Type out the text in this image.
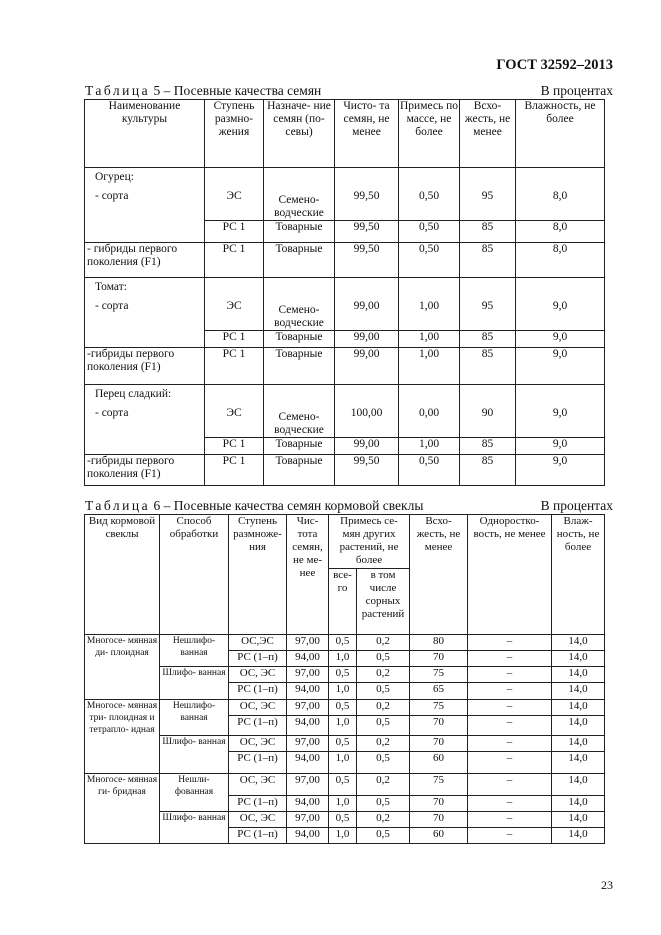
ГОСТ 32592–2013
Таблица 5 – Посевные качества семян	В процентах
Наименование культуры	Ступень размно- жения	Назначе- ние семян (по- севы)	Чисто- та семян, не менее	Примесь по массе, не более	Всхо- жесть, не менее	Влажность, не более

Огурец:
- сорта	ЭС	Семено- водческие	99,50	0,50	95	8,0
	РС 1	Товарные	99,50	0,50	85	8,0
- гибриды первого поколения (F1)	РС 1	Товарные	99,50	0,50	85	8,0

Томат:
- сорта	ЭС	Семено- водческие	99,00	1,00	95	9,0
	РС 1	Товарные	99,00	1,00	85	9,0
-гибриды первого поколения (F1)	РС 1	Товарные	99,00	1,00	85	9,0

Перец сладкий:
- сорта	ЭС	Семено- водческие	100,00	0,00	90	9,0
	РС 1	Товарные	99,00	1,00	85	9,0
-гибриды первого поколения (F1)	РС 1	Товарные	99,50	0,50	85	9,0
Таблица 6 – Посевные качества семян кормовой свеклы	В процентах
Вид кормовой свеклы	Способ обработки	Ступень размноже- ния	Чис- тота семян, не ме- нее	Примесь се- мян других растений, не более		Всхо- жесть, не менее	Одноростко- вость, не менее	Влаж- ность, не более
				все- го	в том числе сорных растений			
Многосе- мянная ди- плоидная	Нешлифо- ванная	ОС,ЭС	97,00	0,5	0,2	80	–	14,0
		РС (1–п)	94,00	1,0	0,5	70	–	14,0
	Шлифо- ванная	ОС, ЭС	97,00	0,5	0,2	75	–	14,0
		РС (1–п)	94,00	1,0	0,5	65	–	14,0
Многосе- мянная три- плоидная и тетрапло- идная	Нешлифо- ванная	ОС, ЭС	97,00	0,5	0,2	75	–	14,0
		РС (1–п)	94,00	1,0	0,5	70	–	14,0
	Шлифо- ванная	ОС, ЭС	97,00	0,5	0,2	70	–	14,0
		РС (1–п)	94,00	1,0	0,5	60	–	14,0
Многосе- мянная ги- бридная	Нешли- фованная	ОС, ЭС	97,00	0,5	0,2	75	–	14,0
		РС (1–п)	94,00	1,0	0,5	70	–	14,0
	Шлифо- ванная	ОС, ЭС	97,00	0,5	0,2	70	–	14,0
		РС (1–п)	94,00	1,0	0,5	60	–	14,0
23
